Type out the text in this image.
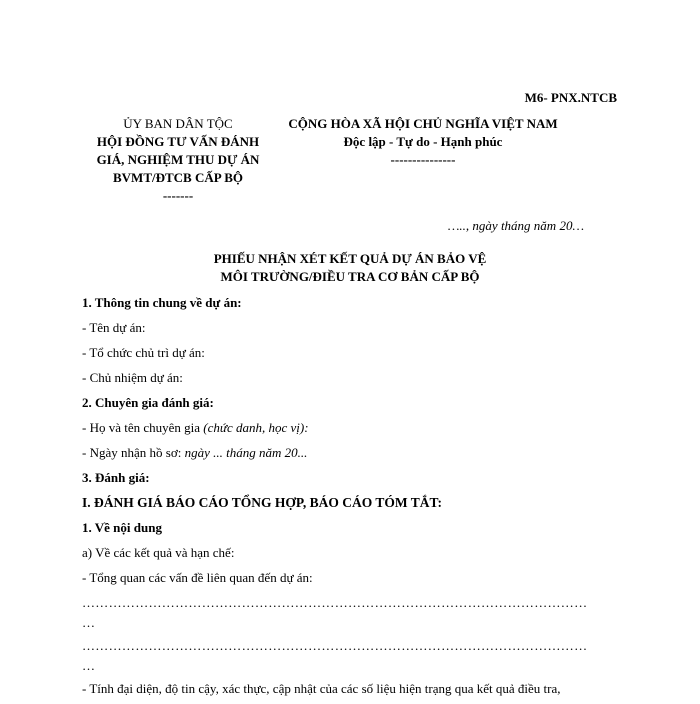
M6- PNX.NTCB
ỦY BAN DÂN TỘC
HỘI ĐỒNG TƯ VẤN ĐÁNH
GIÁ, NGHIỆM THU DỰ ÁN
BVMT/ĐTCB CẤP BỘ
-------
CỘNG HÒA XÃ HỘI CHỦ NGHĨA VIỆT NAM
Độc lập - Tự do - Hạnh phúc
---------------
….., ngày tháng năm 20…
PHIẾU NHẬN XÉT KẾT QUẢ DỰ ÁN BẢO VỆ
MÔI TRƯỜNG/ĐIỀU TRA CƠ BẢN CẤP BỘ
1. Thông tin chung về dự án:
- Tên dự án:
- Tổ chức chủ trì dự án:
- Chủ nhiệm dự án:
2. Chuyên gia đánh giá:
- Họ và tên chuyên gia (chức danh, học vị):
- Ngày nhận hồ sơ: ngày ... tháng năm 20...
3. Đánh giá:
I. ĐÁNH GIÁ BÁO CÁO TỔNG HỢP, BÁO CÁO TÓM TẮT:
1. Về nội dung
a) Về các kết quả và hạn chế:
- Tổng quan các vấn đề liên quan đến dự án:
……………………………………………………………………………………………………
…
……………………………………………………………………………………………………
…
- Tính đại diện, độ tin cậy, xác thực, cập nhật của các số liệu hiện trạng qua kết quả điều tra,
